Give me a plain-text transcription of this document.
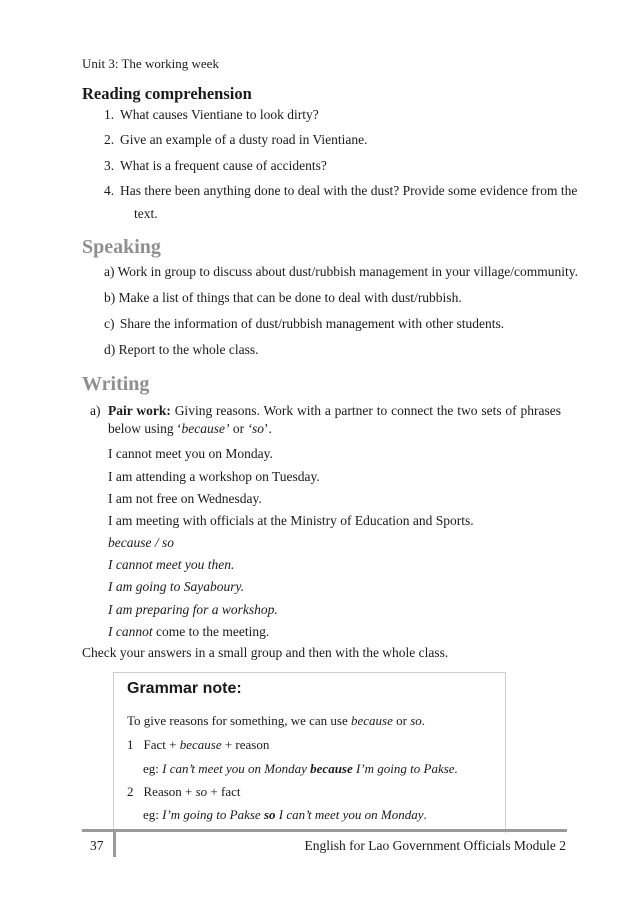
Unit 3: The working week
Reading comprehension
1. What causes Vientiane to look dirty?
2. Give an example of a dusty road in Vientiane.
3. What is a frequent cause of accidents?
4. Has there been anything done to deal with the dust? Provide some evidence from the
text.
Speaking
a) Work in group to discuss about dust/rubbish management in your village/community.
b) Make a list of things that can be done to deal with dust/rubbish.
c) Share the information of dust/rubbish management with other students.
d) Report to the whole class.
Writing
a) Pair work: Giving reasons. Work with a partner to connect the two sets of phrases
below using ‘because’ or ‘so’.
I cannot meet you on Monday.
I am attending a workshop on Tuesday.
I am not free on Wednesday.
I am meeting with officials at the Ministry of Education and Sports.
because / so
I cannot meet you then.
I am going to Sayaboury.
I am preparing for a workshop.
I cannot come to the meeting.
Check your answers in a small group and then with the whole class.
Grammar note:
To give reasons for something, we can use because or so.
1 Fact + because + reason
eg: I can’t meet you on Monday because I’m going to Pakse.
2 Reason + so + fact
eg: I’m going to Pakse so I can’t meet you on Monday.
37	English for Lao Government Officials Module 2
